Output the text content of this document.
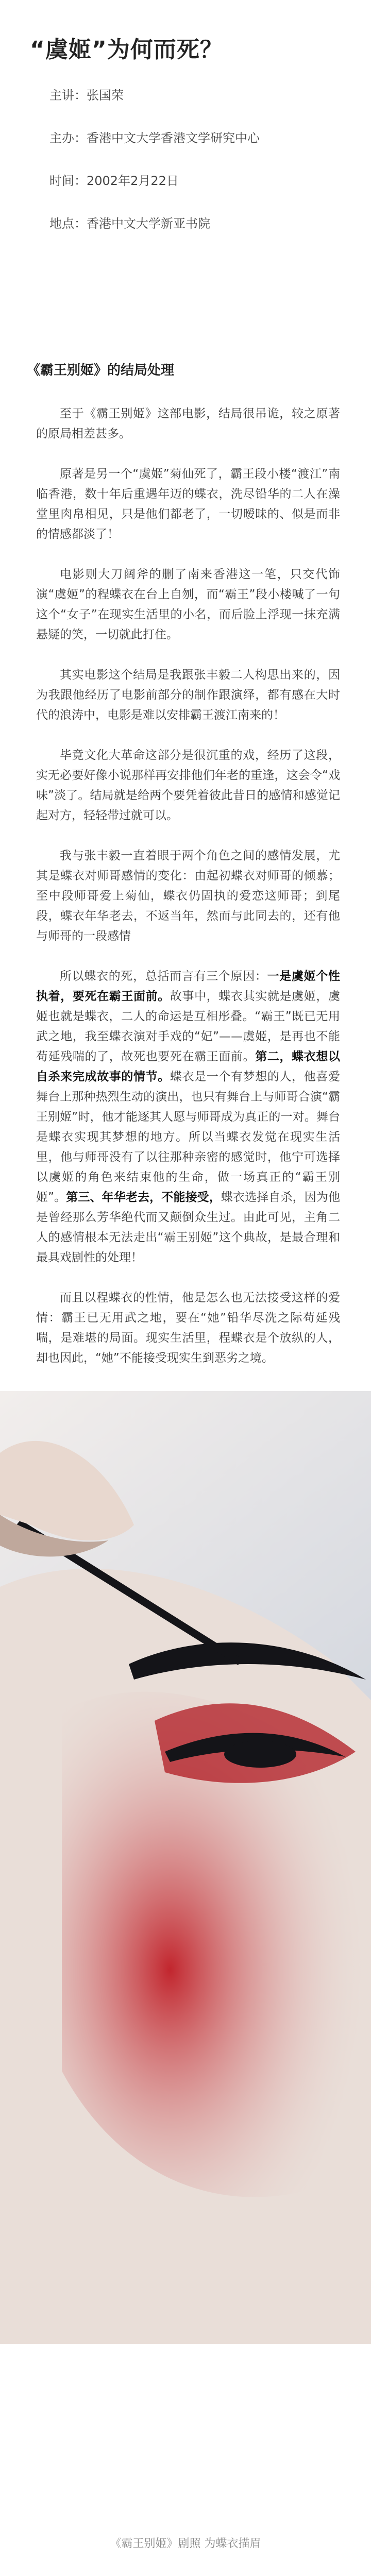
“虞姬”为何而死？
主讲：张国荣
主办：香港中文大学香港文学研究中心
时间：2002年2月22日
地点：香港中文大学新亚书院
《霸王别姬》的结局处理

至于《霸王别姬》这部电影，结局很吊诡，较之原著的原局相差甚多。

原著是另一个“虞姬”菊仙死了，霸王段小楼“渡江”南临香港，数十年后重遇年迈的蝶衣，洗尽铅华的二人在澡堂里肉帛相见，只是他们都老了，一切暧昧的、似是而非的情感都淡了！

电影则大刀阔斧的删了南来香港这一笔，只交代饰演“虞姬”的程蝶衣在台上自刎，而“霸王”段小楼喊了一句这个“女子”在现实生活里的小名，而后脸上浮现一抹充满悬疑的笑，一切就此打住。

其实电影这个结局是我跟张丰毅二人构思出来的，因为我跟他经历了电影前部分的制作跟演绎，都有感在大时代的浪涛中，电影是难以安排霸王渡江南来的！

毕竟文化大革命这部分是很沉重的戏，经历了这段，实无必要好像小说那样再安排他们年老的重逢，这会令“戏味”淡了。结局就是给两个要凭着彼此昔日的感情和感觉记起对方，轻轻带过就可以。

我与张丰毅一直着眼于两个角色之间的感情发展，尤其是蝶衣对师哥感情的变化：由起初蝶衣对师哥的倾慕；至中段师哥爱上菊仙，蝶衣仍固执的爱恋这师哥；到尾段，蝶衣年华老去，不返当年，然而与此同去的，还有他与师哥的一段感情

所以蝶衣的死，总括而言有三个原因：一是虞姬个性执着，要死在霸王面前。故事中，蝶衣其实就是虞姬，虞姬也就是蝶衣，二人的命运是互相彤叠。“霸王”既已无用武之地，我至蝶衣演对手戏的“妃”——虞姬，是再也不能苟延残喘的了，故死也要死在霸王面前。第二，蝶衣想以自杀来完成故事的情节。蝶衣是一个有梦想的人，他喜爱舞台上那种热烈生动的演出，也只有舞台上与师哥合演“霸王别姬”时，他才能逐其人愿与师哥成为真正的一对。舞台是蝶衣实现其梦想的地方。所以当蝶衣发觉在现实生活里，他与师哥没有了以往那种亲密的感觉时，他宁可选择以虞姬的角色来结束他的生命，做一场真正的“霸王别姬”。第三、年华老去，不能接受，蝶衣选择自杀，因为他是曾经那么芳华绝代而又颠倒众生过。由此可见，主角二人的感情根本无法走出“霸王别姬”这个典故，是最合理和最具戏剧性的处理！

而且以程蝶衣的性情，他是怎么也无法接受这样的爱情：霸王已无用武之地，要在“她”铅华尽洗之际苟延残喘，是难堪的局面。现实生活里，程蝶衣是个放纵的人，却也因此，“她”不能接受现实生到恶劣之境。

《霸王别姬》剧照 为蝶衣描眉
